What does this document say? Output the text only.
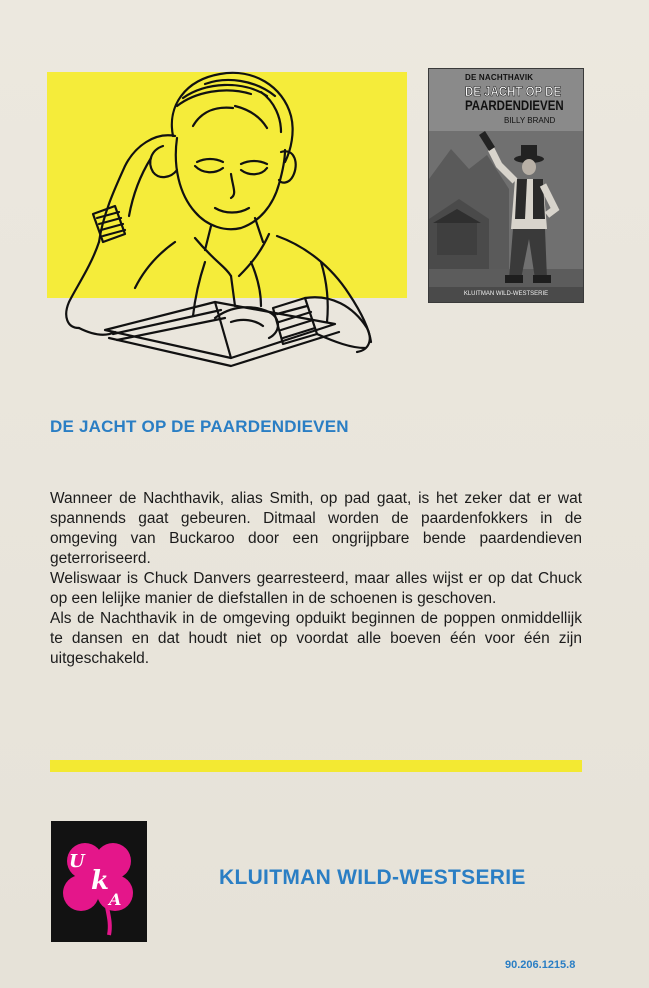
DE NACHTHAVIK
DE JACHT OP DE
PAARDENDIEVEN
BILLY BRAND
KLUITMAN WILD-WESTSERIE
DE JACHT OP DE PAARDENDIEVEN

Wanneer de Nachthavik, alias Smith, op pad gaat, is het zeker dat er wat spannends gaat gebeuren. Ditmaal worden de paardenfokkers in de omgeving van Buckaroo door een ongrijpbare bende paardendieven geterroriseerd.

Weliswaar is Chuck Danvers gearresteerd, maar alles wijst er op dat Chuck op een lelijke manier de diefstallen in de schoenen is geschoven.

Als de Nachthavik in de omgeving opduikt beginnen de poppen onmiddellijk te dansen en dat houdt niet op voordat alle boeven één voor één zijn uitgeschakeld.

U
k
A
KLUITMAN WILD-WESTSERIE
90.206.1215.8
